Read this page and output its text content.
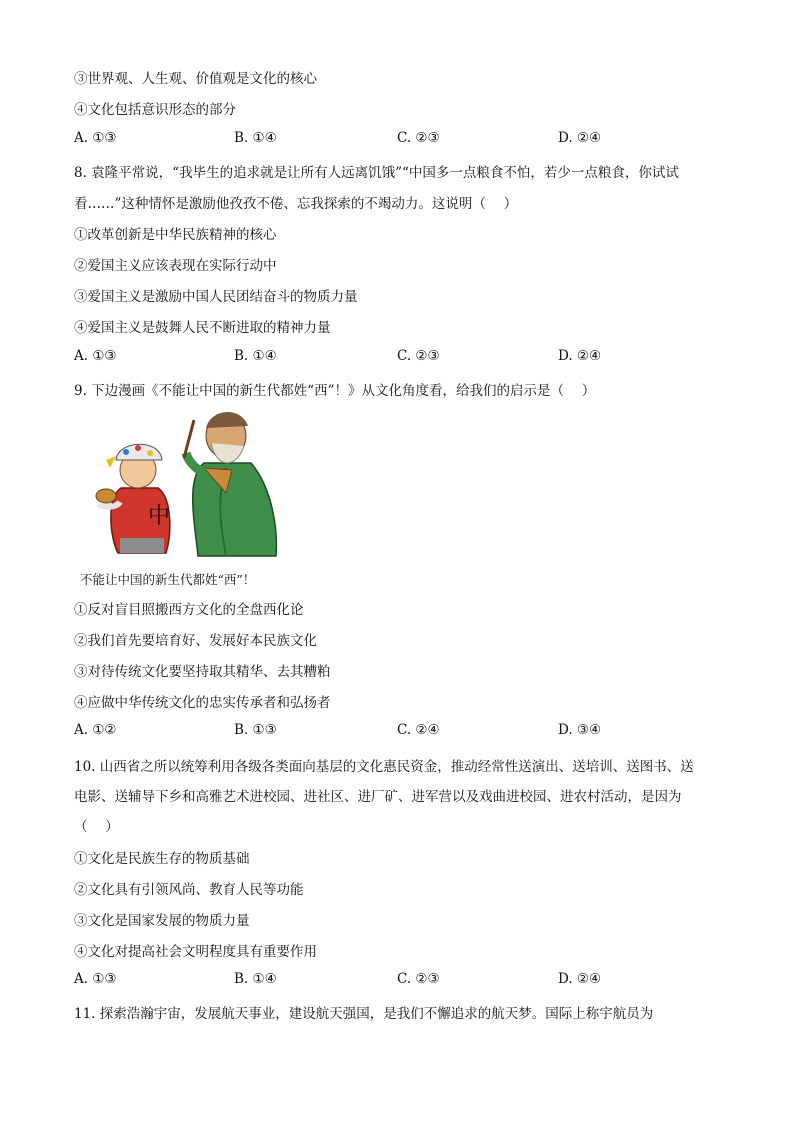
③世界观、人生观、价值观是文化的核心
④文化包括意识形态的部分
A. ①③	B. ①④	C. ②③	D. ②④
8. 袁隆平常说，“我毕生的追求就是让所有人远离饥饿”“中国多一点粮食不怕，若少一点粮食，你试试
看……”这种情怀是激励他孜孜不倦、忘我探索的不竭动力。这说明（　 ）
①改革创新是中华民族精神的核心
②爱国主义应该表现在实际行动中
③爱国主义是激励中国人民团结奋斗的物质力量
④爱国主义是鼓舞人民不断进取的精神力量
A. ①③	B. ①④	C. ②③	D. ②④
9. 下边漫画《不能让中国的新生代都姓“西”！》从文化角度看，给我们的启示是（　 ）
中
不能让中国的新生代都姓“西”！
①反对盲目照搬西方文化的全盘西化论
②我们首先要培育好、发展好本民族文化
③对待传统文化要坚持取其精华、去其糟粕
④应做中华传统文化的忠实传承者和弘扬者
A. ①②	B. ①③	C. ②④	D. ③④
10. 山西省之所以统筹利用各级各类面向基层的文化惠民资金，推动经常性送演出、送培训、送图书、送
电影、送辅导下乡和高雅艺术进校园、进社区、进厂矿、进军营以及戏曲进校园、进农村活动，是因为
（　 ）
①文化是民族生存的物质基础
②文化具有引领风尚、教育人民等功能
③文化是国家发展的物质力量
④文化对提高社会文明程度具有重要作用
A. ①③	B. ①④	C. ②③	D. ②④
11. 探索浩瀚宇宙，发展航天事业，建设航天强国，是我们不懈追求的航天梦。国际上称宇航员为
